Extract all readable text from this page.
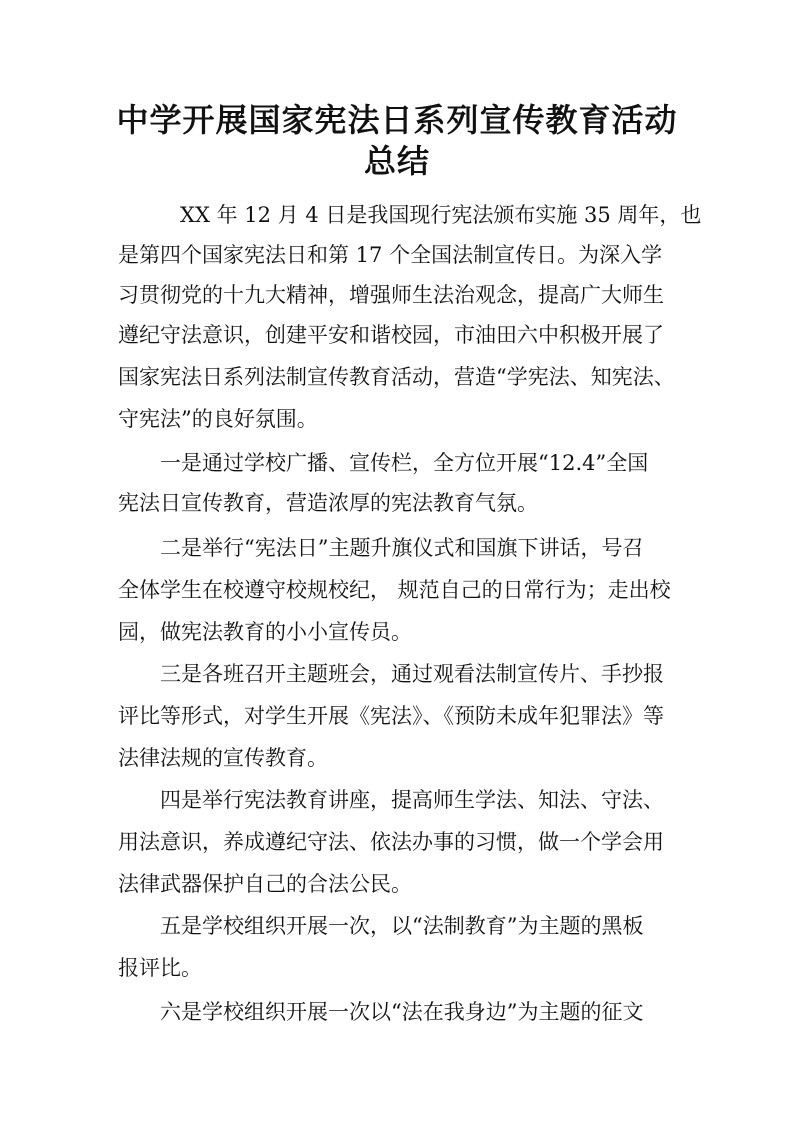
中学开展国家宪法日系列宣传教育活动
总结
XX 年 12 月 4 日是我国现行宪法颁布实施 35 周年，也
是第四个国家宪法日和第 17 个全国法制宣传日。为深入学
习贯彻党的十九大精神，增强师生法治观念，提高广大师生
遵纪守法意识，创建平安和谐校园，市油田六中积极开展了
国家宪法日系列法制宣传教育活动，营造“学宪法、知宪法、
守宪法”的良好氛围。
一是通过学校广播、宣传栏，全方位开展“12.4”全国
宪法日宣传教育，营造浓厚的宪法教育气氛。
二是举行“宪法日”主题升旗仪式和国旗下讲话，号召
全体学生在校遵守校规校纪， 规范自己的日常行为；走出校
园，做宪法教育的小小宣传员。
三是各班召开主题班会，通过观看法制宣传片、手抄报
评比等形式，对学生开展《宪法》、《预防未成年犯罪法》等
法律法规的宣传教育。
四是举行宪法教育讲座，提高师生学法、知法、守法、
用法意识，养成遵纪守法、依法办事的习惯，做一个学会用
法律武器保护自己的合法公民。
五是学校组织开展一次，以“法制教育”为主题的黑板
报评比。
六是学校组织开展一次以“法在我身边”为主题的征文
